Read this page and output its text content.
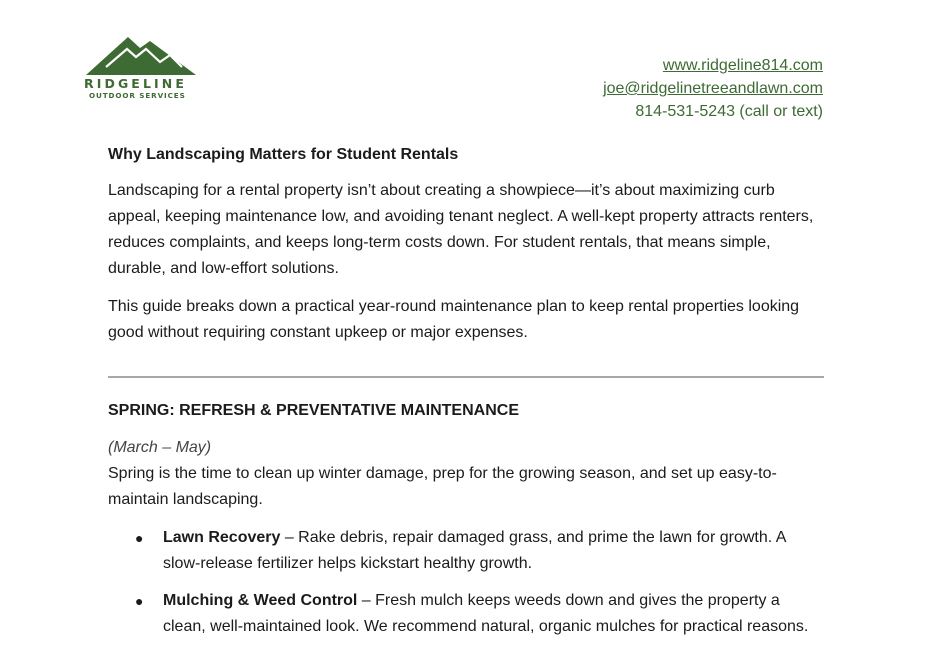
RIDGELINE
OUTDOOR SERVICES
www.ridgeline814.com
joe@ridgelinetreeandlawn.com
814-531-5243 (call or text)
Why Landscaping Matters for Student Rentals

Landscaping for a rental property isn’t about creating a showpiece—it’s about maximizing curb appeal, keeping maintenance low, and avoiding tenant neglect. A well-kept property attracts renters, reduces complaints, and keeps long-term costs down. For student rentals, that means simple, durable, and low-effort solutions.

This guide breaks down a practical year-round maintenance plan to keep rental properties looking good without requiring constant upkeep or major expenses.

SPRING: REFRESH & PREVENTATIVE MAINTENANCE

(March – May)

Spring is the time to clean up winter damage, prep for the growing season, and set up easy-to-maintain landscaping.

● Lawn Recovery – Rake debris, repair damaged grass, and prime the lawn for growth. A slow-release fertilizer helps kickstart healthy growth.
● Mulching & Weed Control – Fresh mulch keeps weeds down and gives the property a clean, well-maintained look. We recommend natural, organic mulches for practical reasons.
